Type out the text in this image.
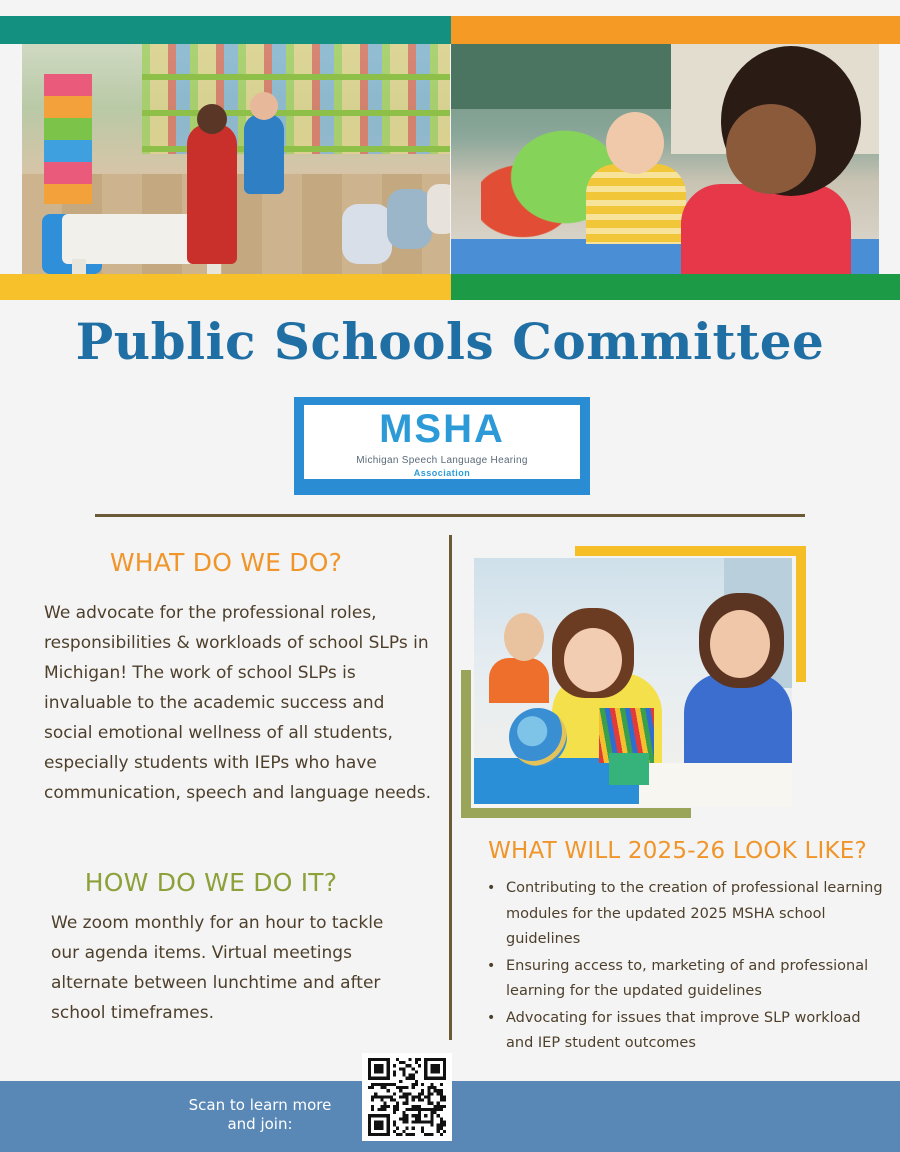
Public Schools Committee
MSHA
Michigan Speech Language Hearing
Association
WHAT DO WE DO?
We advocate for the professional roles, responsibilities & workloads of school SLPs in Michigan! The work of school SLPs is invaluable to the academic success and social emotional wellness of all students, especially students with IEPs who have communication, speech and language needs.
HOW DO WE DO IT?
We zoom monthly for an hour to tackle our agenda items. Virtual meetings alternate between lunchtime and after school timeframes.
WHAT WILL 2025-26 LOOK LIKE?
• Contributing to the creation of professional learning modules for the updated 2025 MSHA school guidelines
• Ensuring access to, marketing of and professional learning for the updated guidelines
• Advocating for issues that improve SLP workload and IEP student outcomes
Scan to learn more
and join:
